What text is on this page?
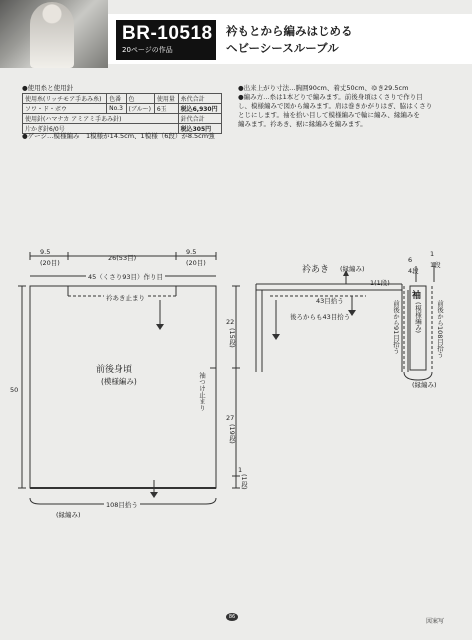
BR-10518
20ページの作品
衿もとから編みはじめる
ヘビーシースルーブル
●使用糸と使用針
使用糸(リッチモア手あみ糸)	色番	色	使用量	糸代合計
ソワ・ド・ボウ	No.3	(ブルー)	6玉	税込6,930円
使用針(ハマナカ アミアミ手あみ針)				針代合計
片かぎ針6/0号				税込305円
●ゲージ…模様編み　1模様が14.5cm、1模様（6段）が8.5cm強
●出来上がり寸法…胸囲90cm、着丈50cm、ゆき29.5cm
●編み方…糸は1本どりで編みます。前後身頃はくさりで作り目
し、模様編みで図から編みます。肩は巻きかがりはぎ、脇はくさり
とじにします。袖を拾い目して模様編みで輪に編み、縁編みを
編みます。衿あき、裾に縁編みを編みます。
9.5
(20目)
26(53目)
9.5
(20目)
45（くさり93目）作り目
衿あき止まり
前後身頃
(模様編み)	袖つけ止まり
22
(15段)
27
(19段)
1
(1段)
50
108目拾う
(縁編み)
衿あき (縁編み)
1(1段)
43目拾う
後ろからも43目拾う
6
4段
1
1段
袖
(模様編み)
前後から91目拾う	前後から108目拾う
(縁編み)
86
図案写
